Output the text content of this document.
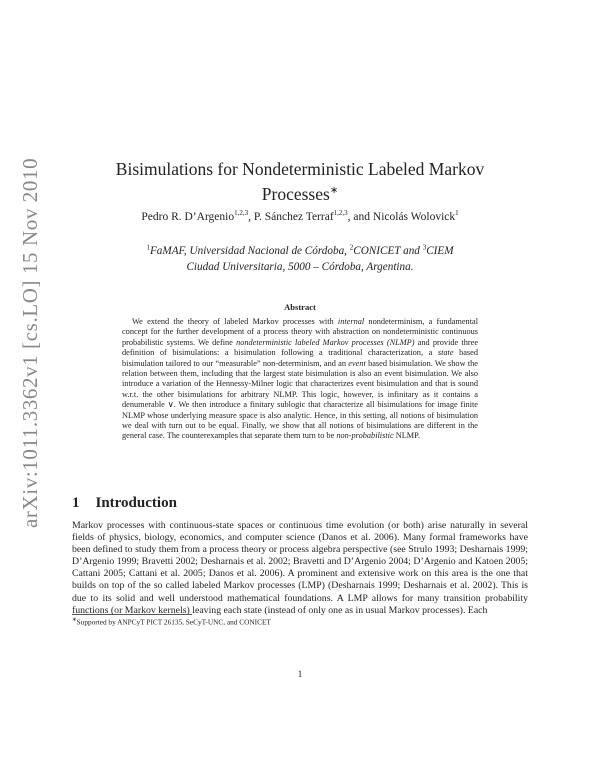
arXiv:1011.3362v1 [cs.LO] 15 Nov 2010	Bisimulations for Nondeterministic Labeled Markov
Processes∗
Pedro R. D’Argenio$^{1,2,3}$, P. Sánchez Terraf$^{1,2,3}$, and Nicolás Wolovick$^1$
$^1$FaMAF, Universidad Nacional de Córdoba, $^2$CONICET and $^3$CIEM
Ciudad Universitaria, 5000 – Córdoba, Argentina.
Abstract
We extend the theory of labeled Markov processes with internal nondeterminism, a fundamental concept for the further development of a process theory with abstraction on nondeterministic continuous probabilistic systems. We define nondeterministic labeled Markov processes (NLMP) and provide three definition of bisimulations: a bisimulation following a traditional characterization, a state based bisimulation tailored to our “measurable” non-determinism, and an event based bisimulation. We show the relation between them, including that the largest state bisimulation is also an event bisimulation. We also introduce a variation of the Hennessy-Milner logic that characterizes event bisimulation and that is sound w.r.t. the other bisimulations for arbitrary NLMP. This logic, however, is infinitary as it contains a denumerable ∨. We then introduce a finitary sublogic that characterize all bisimulations for image finite NLMP whose underlying measure space is also analytic. Hence, in this setting, all notions of bisimulation we deal with turn out to be equal. Finally, we show that all notions of bisimulations are different in the general case. The counterexamples that separate them turn to be non-probabilistic NLMP.
1 Introduction
Markov processes with continuous-state spaces or continuous time evolution (or both) arise naturally in several fields of physics, biology, economics, and computer science (Danos et al. 2006). Many formal frameworks have been defined to study them from a process theory or process algebra perspective (see Strulo 1993; Desharnais 1999; D’Argenio 1999; Bravetti 2002; Desharnais et al. 2002; Bravetti and D’Argenio 2004; D’Argenio and Katoen 2005; Cattani 2005; Cattani et al. 2005; Danos et al. 2006). A prominent and extensive work on this area is the one that builds on top of the so called labeled Markov processes (LMP) (Desharnais 1999; Desharnais et al. 2002). This is due to its solid and well understood mathematical foundations. A LMP allows for many transition probability functions (or Markov kernels) leaving each state (instead of only one as in usual Markov processes). Each
∗Supported by ANPCyT PICT 26135, SeCyT-UNC, and CONICET
1
